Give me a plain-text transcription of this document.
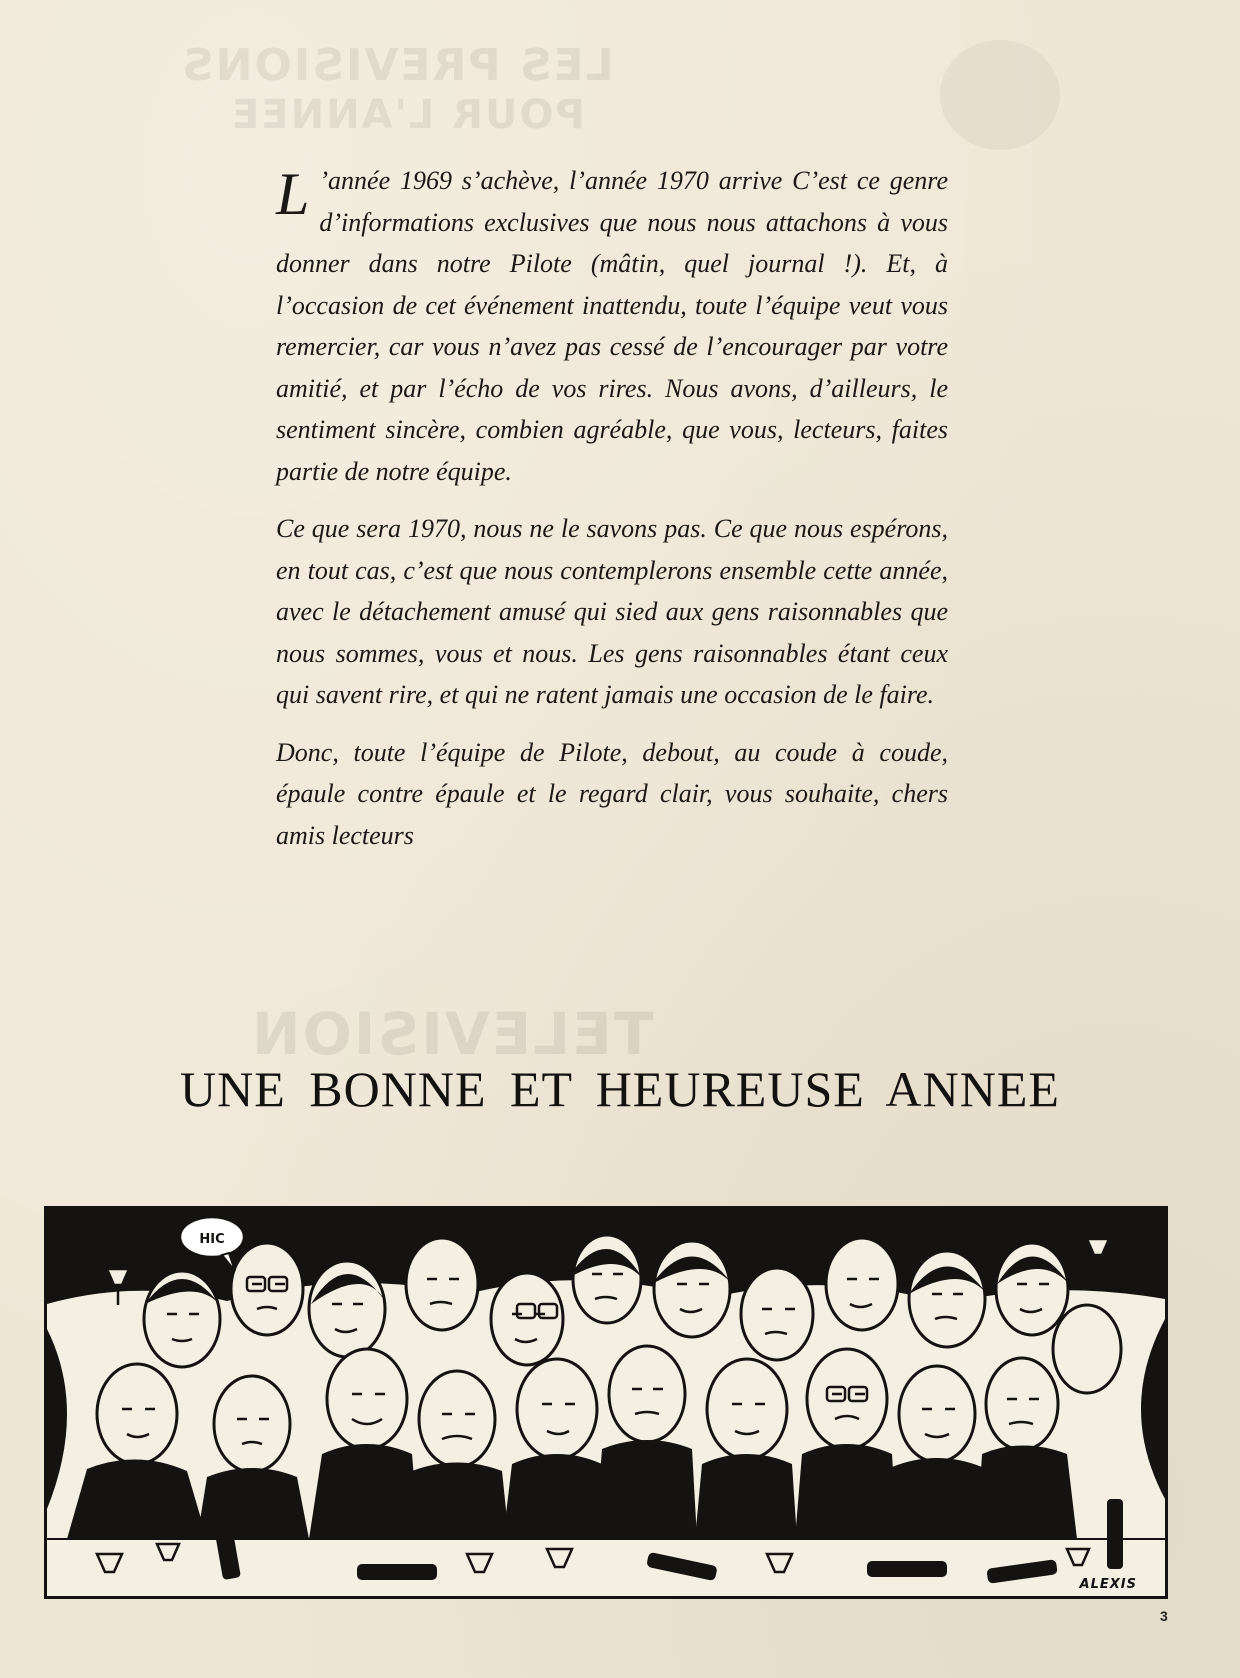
LES PREVISIONS
POUR L'ANNEE
TELEVISION

L ’année 1969 s’achève, l’année 1970 arrive C’est ce genre d’informations exclusives que nous nous attachons à vous donner dans notre Pilote (mâtin, quel journal !). Et, à l’occasion de cet événement inattendu, toute l’équipe veut vous remercier, car vous n’avez pas cessé de l’encourager par votre amitié, et par l’écho de vos rires. Nous avons, d’ailleurs, le sentiment sincère, combien agréable, que vous, lecteurs, faites partie de notre équipe.

Ce que sera 1970, nous ne le savons pas. Ce que nous espérons, en tout cas, c’est que nous contemplerons ensemble cette année, avec le détachement amusé qui sied aux gens raisonnables que nous sommes, vous et nous. Les gens raisonnables étant ceux qui savent rire, et qui ne ratent jamais une occasion de le faire.

Donc, toute l’équipe de Pilote, debout, au coude à coude, épaule contre épaule et le regard clair, vous souhaite, chers amis lecteurs

UNE BONNE ET HEUREUSE ANNEE
HIC
ALEXIS
3
